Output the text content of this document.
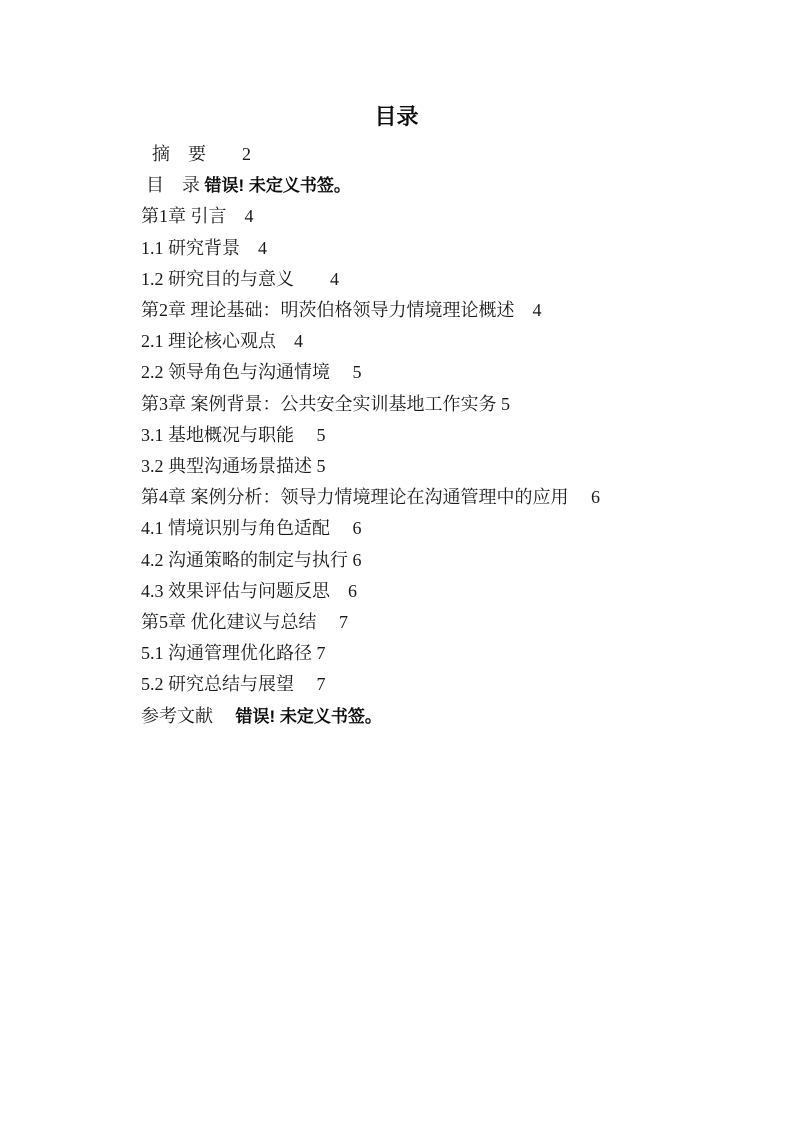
目录
摘　要　　2
目　录 错误! 未定义书签。
第1章 引言　4
1.1 研究背景　4
1.2 研究目的与意义　　4
第2章 理论基础：明茨伯格领导力情境理论概述　4
2.1 理论核心观点　4
2.2 领导角色与沟通情境　 5
第3章 案例背景：公共安全实训基地工作实务 5
3.1 基地概况与职能　 5
3.2 典型沟通场景描述 5
第4章 案例分析：领导力情境理论在沟通管理中的应用　 6
4.1 情境识别与角色适配　 6
4.2 沟通策略的制定与执行 6
4.3 效果评估与问题反思　6
第5章 优化建议与总结　 7
5.1 沟通管理优化路径 7
5.2 研究总结与展望　 7
参考文献　 错误! 未定义书签。
